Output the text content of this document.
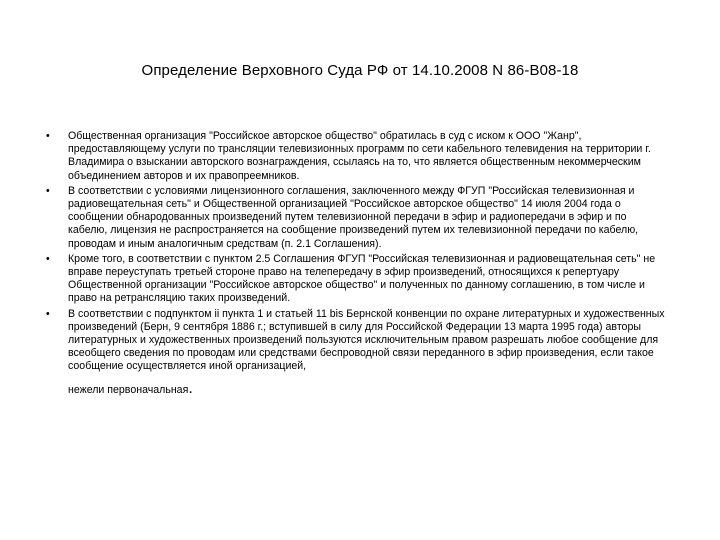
Определение Верховного Суда РФ от 14.10.2008 N 86-В08-18
•	Общественная организация "Российское авторское общество" обратилась в суд с иском к ООО "Жанр", предоставляющему услуги по трансляции телевизионных программ по сети кабельного телевидения на территории г. Владимира о взыскании авторского вознаграждения, ссылаясь на то, что является общественным некоммерческим объединением авторов и их правопреемников.
•	В соответствии с условиями лицензионного соглашения, заключенного между ФГУП "Российская телевизионная и радиовещательная сеть" и Общественной организацией "Российское авторское общество" 14 июля 2004 года о сообщении обнародованных произведений путем телевизионной передачи в эфир и радиопередачи в эфир и по кабелю, лицензия не распространяется на сообщение произведений путем их телевизионной передачи по кабелю, проводам и иным аналогичным средствам (п. 2.1 Соглашения).
•	Кроме того, в соответствии с пунктом 2.5 Соглашения ФГУП "Российская телевизионная и радиовещательная сеть" не вправе переуступать третьей стороне право на телепередачу в эфир произведений, относящихся к репертуару Общественной организации "Российское авторское общество" и полученных по данному соглашению, в том числе и право на ретрансляцию таких произведений.
•	В соответствии с подпунктом ii пункта 1 и статьей 11 bis Бернской конвенции по охране литературных и художественных произведений (Берн, 9 сентября 1886 г.; вступившей в силу для Российской Федерации 13 марта 1995 года) авторы литературных и художественных произведений пользуются исключительным правом разрешать любое сообщение для всеобщего сведения по проводам или средствами беспроводной связи переданного в эфир произведения, если такое сообщение осуществляется иной организацией,
нежели первоначальная.
